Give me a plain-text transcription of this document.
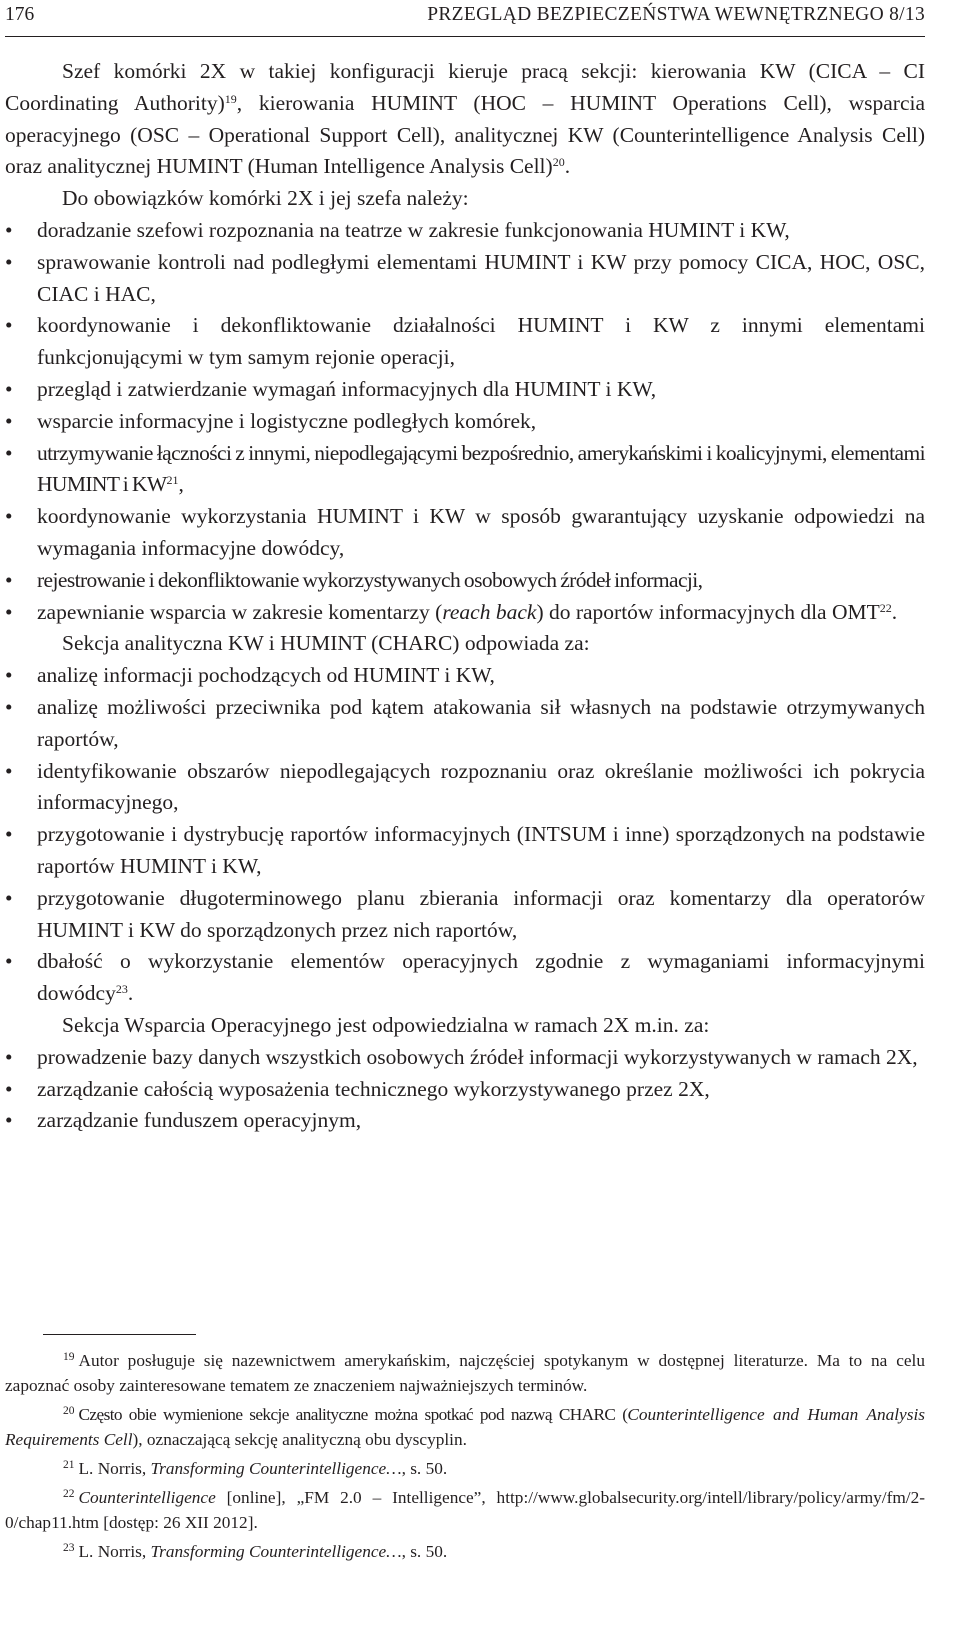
176	PRZEGLĄD BEZPIECZEŃSTWA WEWNĘTRZNEGO 8/13

Szef komórki 2X w takiej konfiguracji kieruje pracą sekcji: kierowania KW (CICA – CI Coordinating Authority)$^{19}$, kierowania HUMINT (HOC – HUMINT Operations Cell), wsparcia operacyjnego (OSC – Operational Support Cell), analitycznej KW (Counterintelligence Analysis Cell) oraz analitycznej HUMINT (Human Intelligence Analysis Cell)$^{20}$.

Do obowiązków komórki 2X i jej szefa należy:

• doradzanie szefowi rozpoznania na teatrze w zakresie funkcjonowania HUMINT i KW,
• sprawowanie kontroli nad podległymi elementami HUMINT i KW przy pomocy CICA, HOC, OSC, CIAC i HAC,
• koordynowanie i dekonfliktowanie działalności HUMINT i KW z innymi elementami funkcjonującymi w tym samym rejonie operacji,
• przegląd i zatwierdzanie wymagań informacyjnych dla HUMINT i KW,
• wsparcie informacyjne i logistyczne podległych komórek,
• utrzymywanie łączności z innymi, niepodlegającymi bezpośrednio, amerykańskimi i koalicyjnymi, elementami HUMINT i KW$^{21}$,
• koordynowanie wykorzystania HUMINT i KW w sposób gwarantujący uzyskanie odpowiedzi na wymagania informacyjne dowódcy,
• rejestrowanie i dekonfliktowanie wykorzystywanych osobowych źródeł informacji,
• zapewnianie wsparcia w zakresie komentarzy (reach back) do raportów informacyjnych dla OMT$^{22}$.

Sekcja analityczna KW i HUMINT (CHARC) odpowiada za:

• analizę informacji pochodzących od HUMINT i KW,
• analizę możliwości przeciwnika pod kątem atakowania sił własnych na podstawie otrzymywanych raportów,
• identyfikowanie obszarów niepodlegających rozpoznaniu oraz określanie możliwości ich pokrycia informacyjnego,
• przygotowanie i dystrybucję raportów informacyjnych (INTSUM i inne) sporządzonych na podstawie raportów HUMINT i KW,
• przygotowanie długoterminowego planu zbierania informacji oraz komentarzy dla operatorów HUMINT i KW do sporządzonych przez nich raportów,
• dbałość o wykorzystanie elementów operacyjnych zgodnie z wymaganiami informacyjnymi dowódcy$^{23}$.

Sekcja Wsparcia Operacyjnego jest odpowiedzialna w ramach 2X m.in. za:

• prowadzenie bazy danych wszystkich osobowych źródeł informacji wykorzystywanych w ramach 2X,
• zarządzanie całością wyposażenia technicznego wykorzystywanego przez 2X,
• zarządzanie funduszem operacyjnym,

$^{19}$ Autor posługuje się nazewnictwem amerykańskim, najczęściej spotykanym w dostępnej literaturze. Ma to na celu zapoznać osoby zainteresowane tematem ze znaczeniem najważniejszych terminów.

$^{20}$ Często obie wymienione sekcje analityczne można spotkać pod nazwą CHARC (Counterintelligence and Human Analysis Requirements Cell), oznaczającą sekcję analityczną obu dyscyplin.

$^{21}$ L. Norris, Transforming Counterintelligence…, s. 50.

$^{22}$ Counterintelligence [online], „FM 2.0 – Intelligence”, http://www.globalsecurity.org/intell/library/policy/army/fm/2-0/chap11.htm [dostęp: 26 XII 2012].

$^{23}$ L. Norris, Transforming Counterintelligence…, s. 50.
